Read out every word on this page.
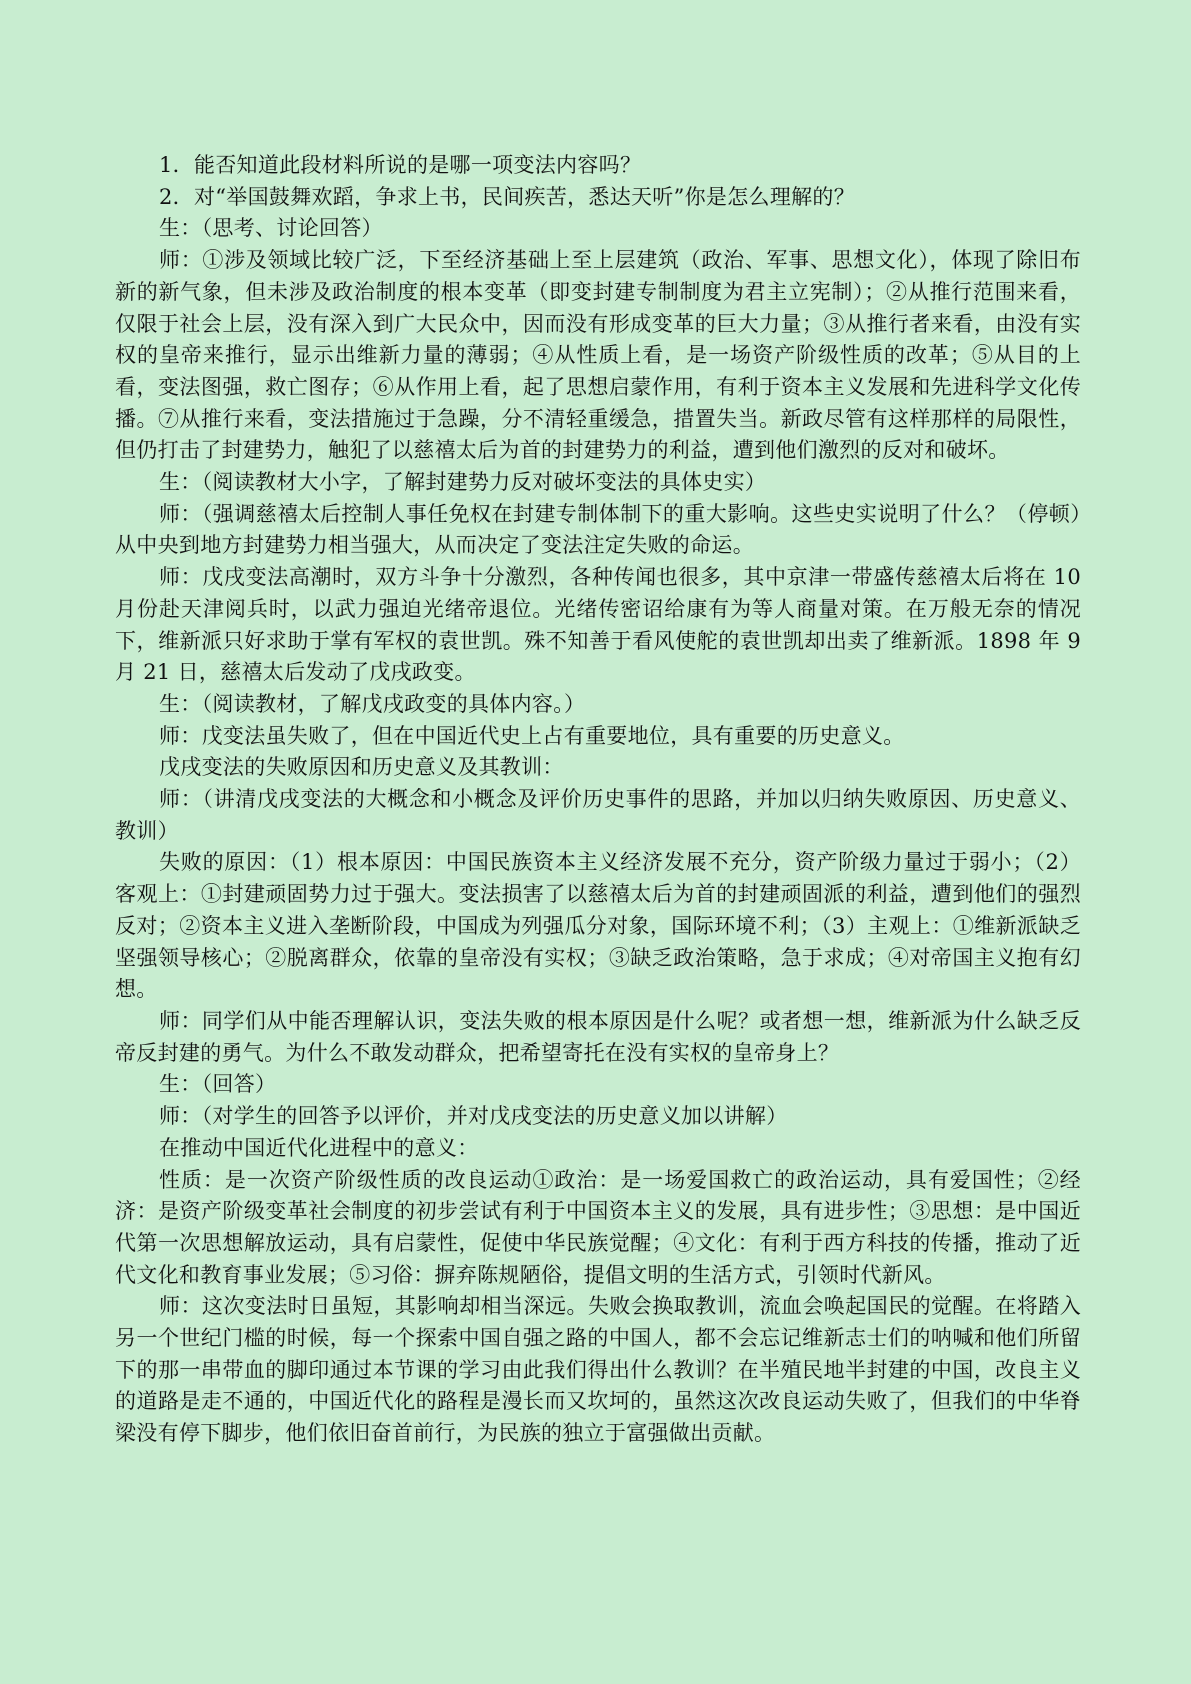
1．能否知道此段材料所说的是哪一项变法内容吗？

2．对“举国鼓舞欢蹈，争求上书，民间疾苦，悉达天听”你是怎么理解的？

生：（思考、讨论回答）

师：①涉及领域比较广泛，下至经济基础上至上层建筑（政治、军事、思想文化），体现了除旧布新的新气象，但未涉及政治制度的根本变革（即变封建专制制度为君主立宪制）；②从推行范围来看，仅限于社会上层，没有深入到广大民众中，因而没有形成变革的巨大力量；③从推行者来看，由没有实权的皇帝来推行，显示出维新力量的薄弱；④从性质上看，是一场资产阶级性质的改革；⑤从目的上看，变法图强，救亡图存；⑥从作用上看，起了思想启蒙作用，有利于资本主义发展和先进科学文化传播。⑦从推行来看，变法措施过于急躁，分不清轻重缓急，措置失当。新政尽管有这样那样的局限性，但仍打击了封建势力，触犯了以慈禧太后为首的封建势力的利益，遭到他们激烈的反对和破坏。

生：（阅读教材大小字，了解封建势力反对破坏变法的具体史实）

师：（强调慈禧太后控制人事任免权在封建专制体制下的重大影响。这些史实说明了什么？（停顿）从中央到地方封建势力相当强大，从而决定了变法注定失败的命运。

师：戊戌变法高潮时，双方斗争十分激烈，各种传闻也很多，其中京津一带盛传慈禧太后将在 10 月份赴天津阅兵时，以武力强迫光绪帝退位。光绪传密诏给康有为等人商量对策。在万般无奈的情况下，维新派只好求助于掌有军权的袁世凯。殊不知善于看风使舵的袁世凯却出卖了维新派。1898 年 9 月 21 日，慈禧太后发动了戊戌政变。

生：（阅读教材，了解戊戌政变的具体内容。）

师：戊变法虽失败了，但在中国近代史上占有重要地位，具有重要的历史意义。

戊戌变法的失败原因和历史意义及其教训：

师：（讲清戊戌变法的大概念和小概念及评价历史事件的思路，并加以归纳失败原因、历史意义、教训）

失败的原因：（1）根本原因：中国民族资本主义经济发展不充分，资产阶级力量过于弱小；（2）客观上：①封建顽固势力过于强大。变法损害了以慈禧太后为首的封建顽固派的利益，遭到他们的强烈反对；②资本主义进入垄断阶段，中国成为列强瓜分对象，国际环境不利；（3）主观上：①维新派缺乏坚强领导核心；②脱离群众，依靠的皇帝没有实权；③缺乏政治策略，急于求成；④对帝国主义抱有幻想。

师：同学们从中能否理解认识，变法失败的根本原因是什么呢？或者想一想，维新派为什么缺乏反帝反封建的勇气。为什么不敢发动群众，把希望寄托在没有实权的皇帝身上？

生：（回答）

师：（对学生的回答予以评价，并对戊戌变法的历史意义加以讲解）

在推动中国近代化进程中的意义：

性质：是一次资产阶级性质的改良运动①政治：是一场爱国救亡的政治运动，具有爱国性；②经济：是资产阶级变革社会制度的初步尝试有利于中国资本主义的发展，具有进步性；③思想：是中国近代第一次思想解放运动，具有启蒙性，促使中华民族觉醒；④文化：有利于西方科技的传播，推动了近代文化和教育事业发展；⑤习俗：摒弃陈规陋俗，提倡文明的生活方式，引领时代新风。

师：这次变法时日虽短，其影响却相当深远。失败会换取教训，流血会唤起国民的觉醒。在将踏入另一个世纪门槛的时候，每一个探索中国自强之路的中国人，都不会忘记维新志士们的呐喊和他们所留下的那一串带血的脚印通过本节课的学习由此我们得出什么教训？在半殖民地半封建的中国，改良主义的道路是走不通的，中国近代化的路程是漫长而又坎坷的，虽然这次改良运动失败了，但我们的中华脊梁没有停下脚步，他们依旧奋首前行，为民族的独立于富强做出贡献。
